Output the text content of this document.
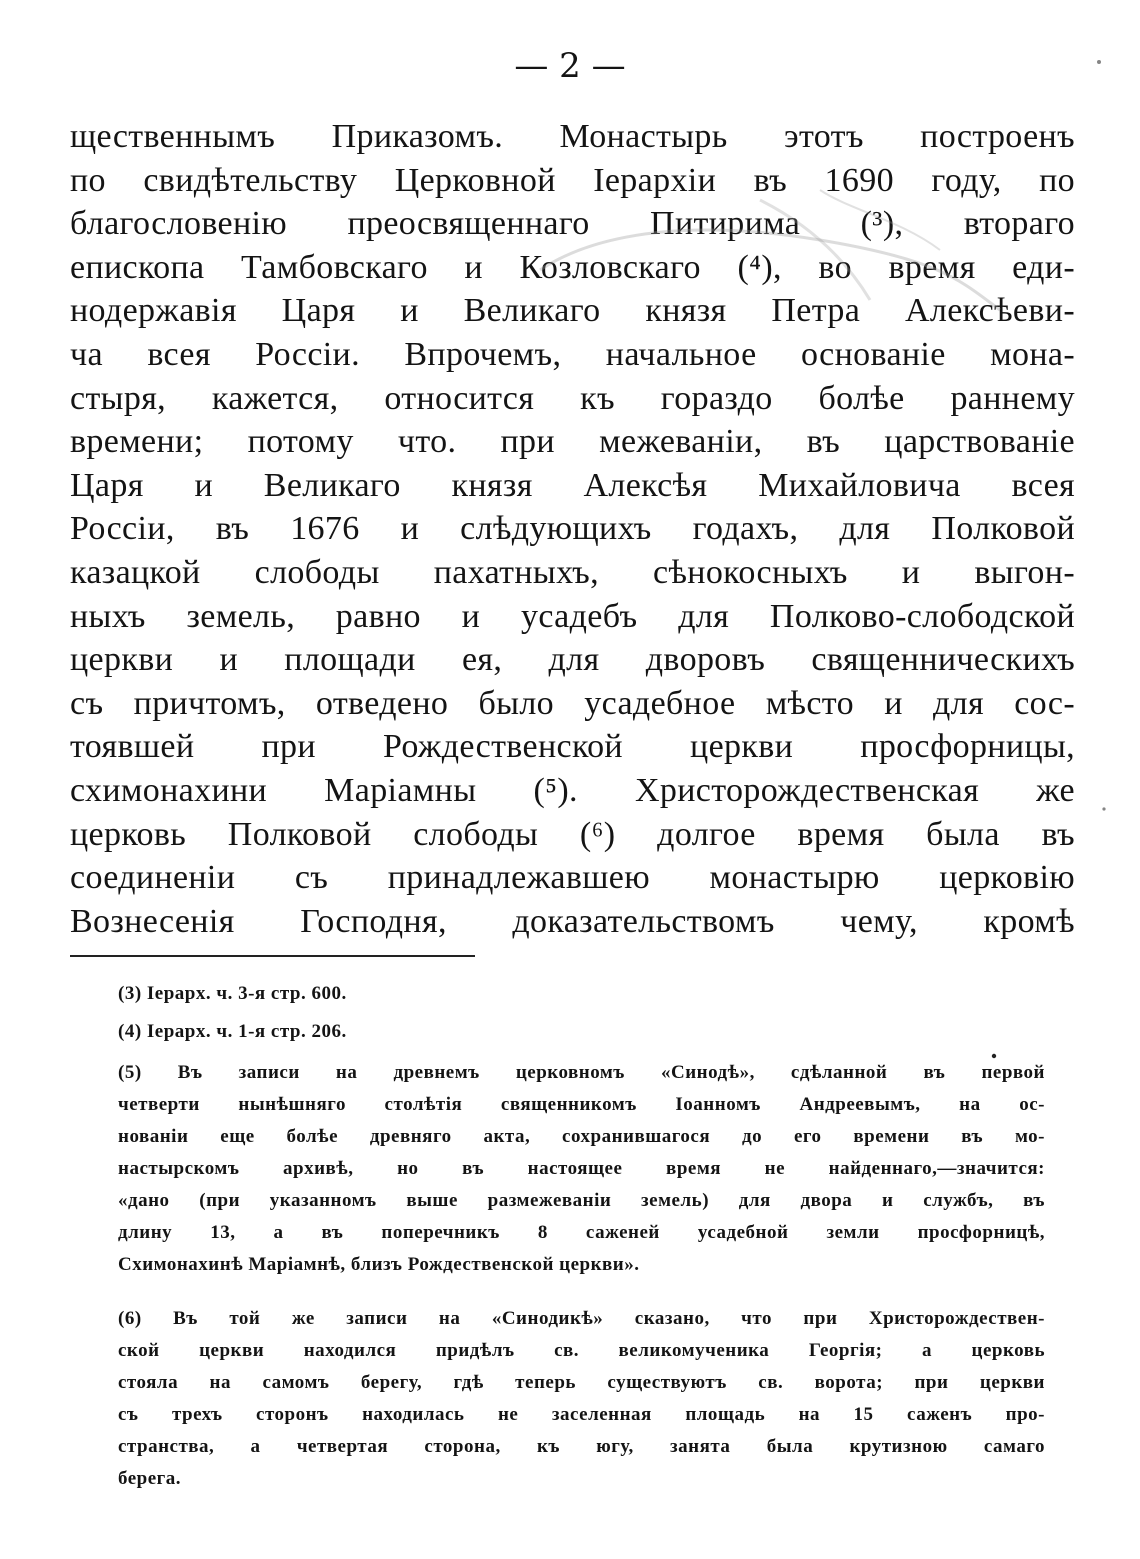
— 2 —
щественнымъ Приказомъ. Монастырь этотъ построенъ
по свидѣтельству Церковной Іерархіи въ 1690 году, по
благословенію преосвященнаго Питирима (³), втораго
епископа Тамбовскаго и Козловскаго (⁴), во время еди-
нодержавія Царя и Великаго князя Петра Алексѣеви-
ча всея Россіи. Впрочемъ, начальное основаніе мона-
стыря, кажется, относится къ гораздо болѣе раннему
времени; потому что. при межеваніи, въ царствованіе
Царя и Великаго князя Алексѣя Михайловича всея
Россіи, въ 1676 и слѣдующихъ годахъ, для Полковой
казацкой слободы пахатныхъ, сѣнокосныхъ и выгон-
ныхъ земель, равно и усадебъ для Полково-слободской
церкви и площади ея, для дворовъ священническихъ
съ причтомъ, отведено было усадебное мѣсто и для сос-
тоявшей при Рождественской церкви просфорницы,
схимонахини Маріамны (⁵). Христорождественская же
церковь Полковой слободы (⁶) долгое время была въ
соединеніи съ принадлежавшею монастырю церковію
Вознесенія Господня, доказательствомъ чему, кромѣ
(3) Іерарх. ч. 3-я стр. 600.
(4) Іерарх. ч. 1-я стр. 206.
(5) Въ записи на древнемъ церковномъ «Синодѣ», сдѣланной въ первой
четверти нынѣшняго столѣтія священникомъ Іоанномъ Андреевымъ, на ос-
нованіи еще болѣе древняго акта, сохранившагося до его времени въ мо-
настырскомъ архивѣ, но въ настоящее время не найденнаго,—значится:
«дано (при указанномъ выше размежеваніи земель) для двора и службъ, въ
длину 13, а въ поперечникъ 8 саженей усадебной земли просфорницѣ,
Схимонахинѣ Маріамнѣ, близъ Рождественской церкви».
(6) Въ той же записи на «Синодикѣ» сказано, что при Христорождествен-
ской церкви находился придѣлъ св. великомученика Георгія; а церковь
стояла на самомъ берегу, гдѣ теперь существуютъ св. ворота; при церкви
съ трехъ сторонъ находилась не заселенная площадь на 15 саженъ про-
странства, а четвертая сторона, къ югу, занята была крутизною самаго
берега.
